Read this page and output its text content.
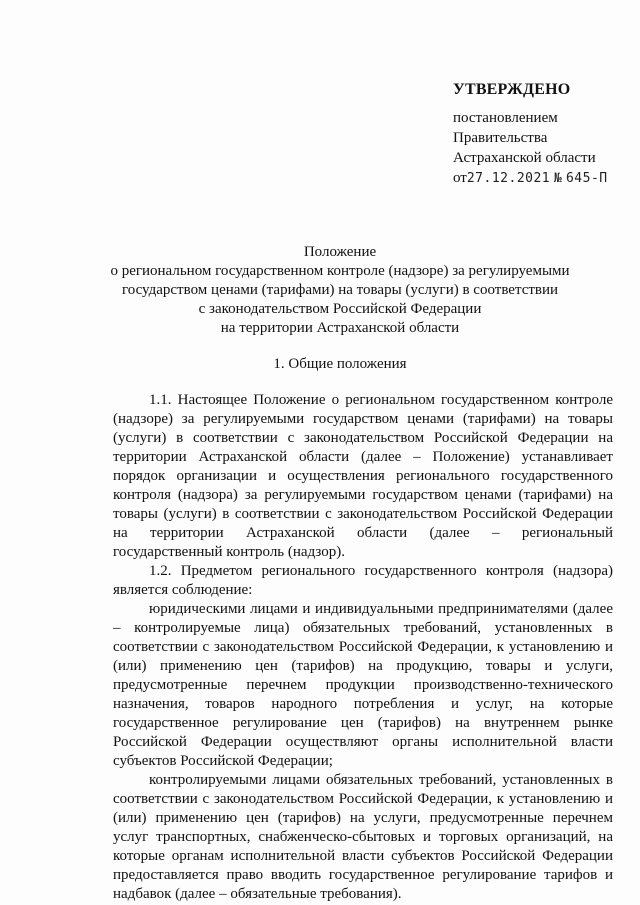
УТВЕРЖДЕНО
постановлением
Правительства
Астраханской области
от27.12.2021 № 645-П
Положение
о региональном государственном контроле (надзоре) за регулируемыми
государством ценами (тарифами) на товары (услуги) в соответствии
с законодательством Российской Федерации
на территории Астраханской области
1. Общие положения

1.1. Настоящее Положение о региональном государственном контроле (надзоре) за регулируемыми государством ценами (тарифами) на товары (услуги) в соответствии с законодательством Российской Федерации на территории Астраханской области (далее – Положение) устанавливает порядок организации и осуществления регионального государственного контроля (надзора) за регулируемыми государством ценами (тарифами) на товары (услуги) в соответствии с законодательством Российской Федерации на территории Астраханской области (далее – региональный государственный контроль (надзор).

1.2. Предметом регионального государственного контроля (надзора) является соблюдение:

юридическими лицами и индивидуальными предпринимателями (далее – контролируемые лица) обязательных требований, установленных в соответствии с законодательством Российской Федерации, к установлению и (или) применению цен (тарифов) на продукцию, товары и услуги, предусмотренные перечнем продукции производственно-технического назначения, товаров народного потребления и услуг, на которые государственное регулирование цен (тарифов) на внутреннем рынке Российской Федерации осуществляют органы исполнительной власти субъектов Российской Федерации;

контролируемыми лицами обязательных требований, установленных в соответствии с законодательством Российской Федерации, к установлению и (или) применению цен (тарифов) на услуги, предусмотренные перечнем услуг транспортных, снабженческо-сбытовых и торговых организаций, на которые органам исполнительной власти субъектов Российской Федерации предоставляется право вводить государственное регулирование тарифов и надбавок (далее – обязательные требования).
